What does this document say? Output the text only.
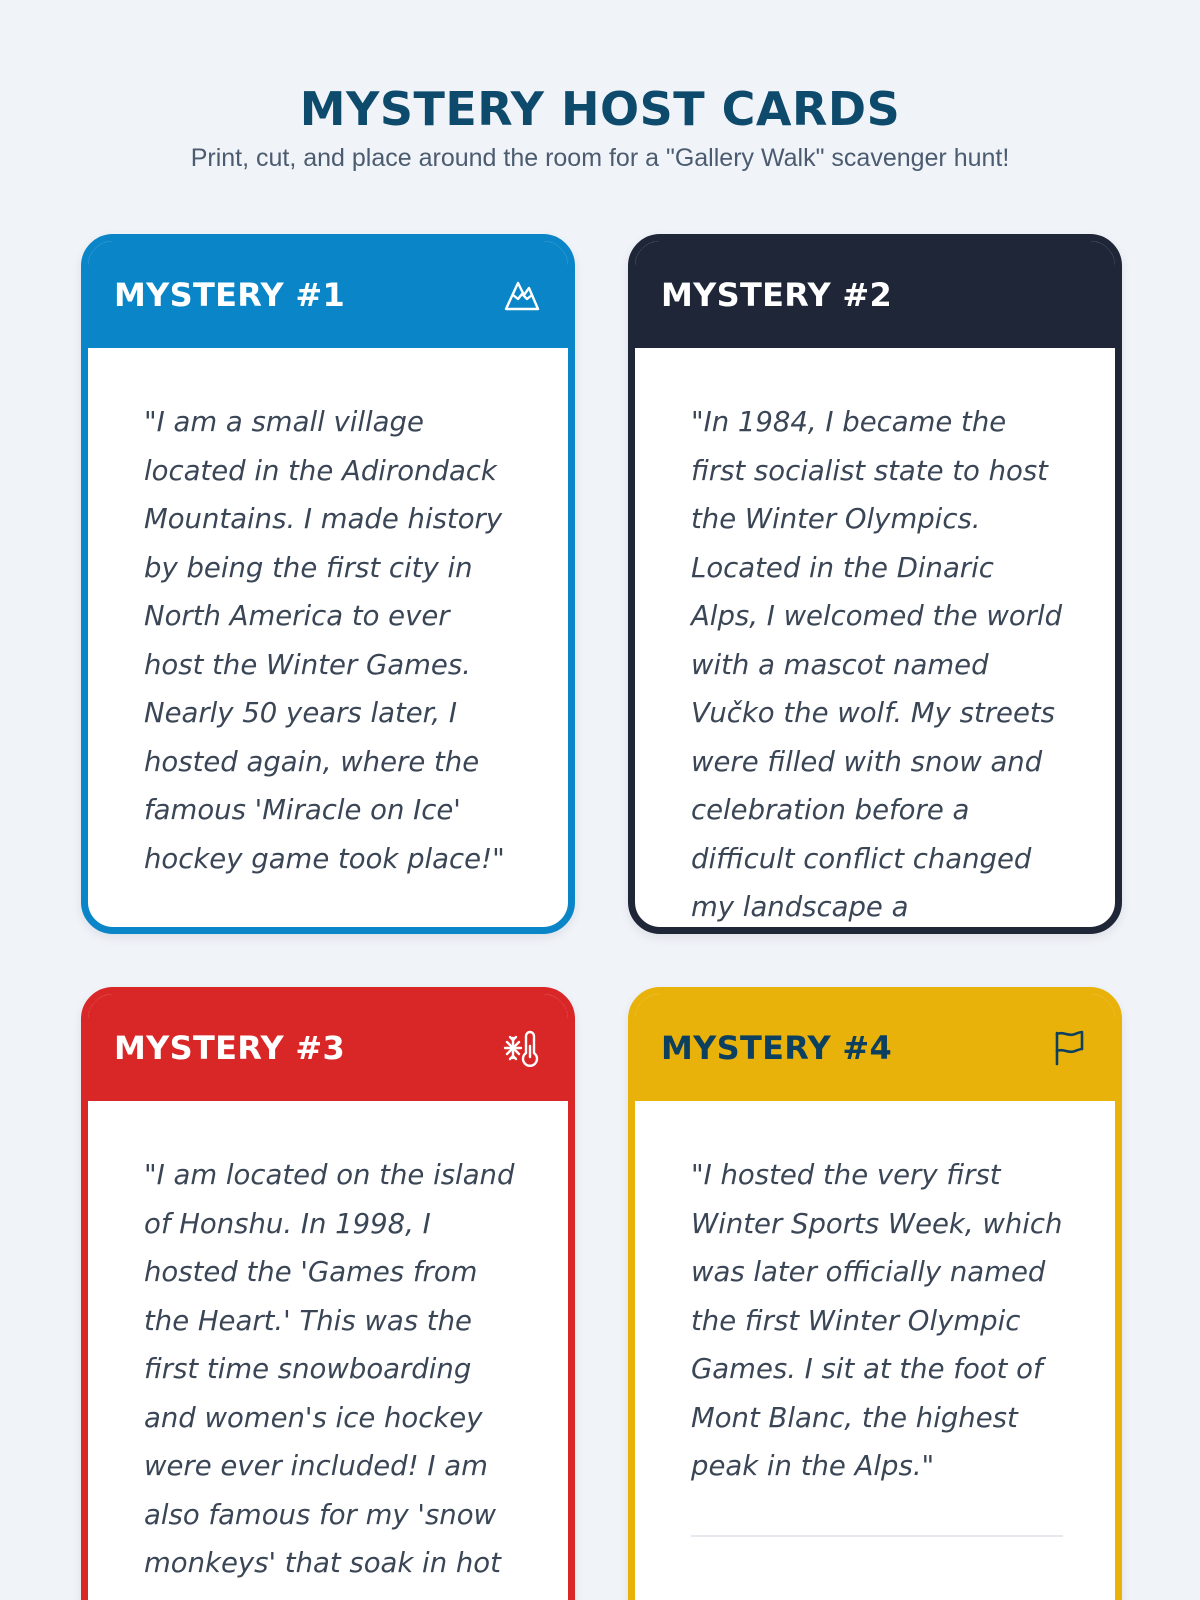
MYSTERY HOST CARDS

Print, cut, and place around the room for a "Gallery Walk" scavenger hunt!

MYSTERY #1

"I am a small village located in the Adirondack Mountains. I made history by being the first city in North America to ever host the Winter Games. Nearly 50 years later, I hosted again, where the famous 'Miracle on Ice' hockey game took place!"

MYSTERY #2

"In 1984, I became the first socialist state to host the Winter Olympics. Located in the Dinaric Alps, I welcomed the world with a mascot named Vučko the wolf. My streets were filled with snow and celebration before a difficult conflict changed my landscape a

MYSTERY #3

"I am located on the island of Honshu. In 1998, I hosted the 'Games from the Heart.' This was the first time snowboarding and women's ice hockey were ever included! I am also famous for my 'snow monkeys' that soak in hot

MYSTERY #4

"I hosted the very first Winter Sports Week, which was later officially named the first Winter Olympic Games. I sit at the foot of Mont Blanc, the highest peak in the Alps."
